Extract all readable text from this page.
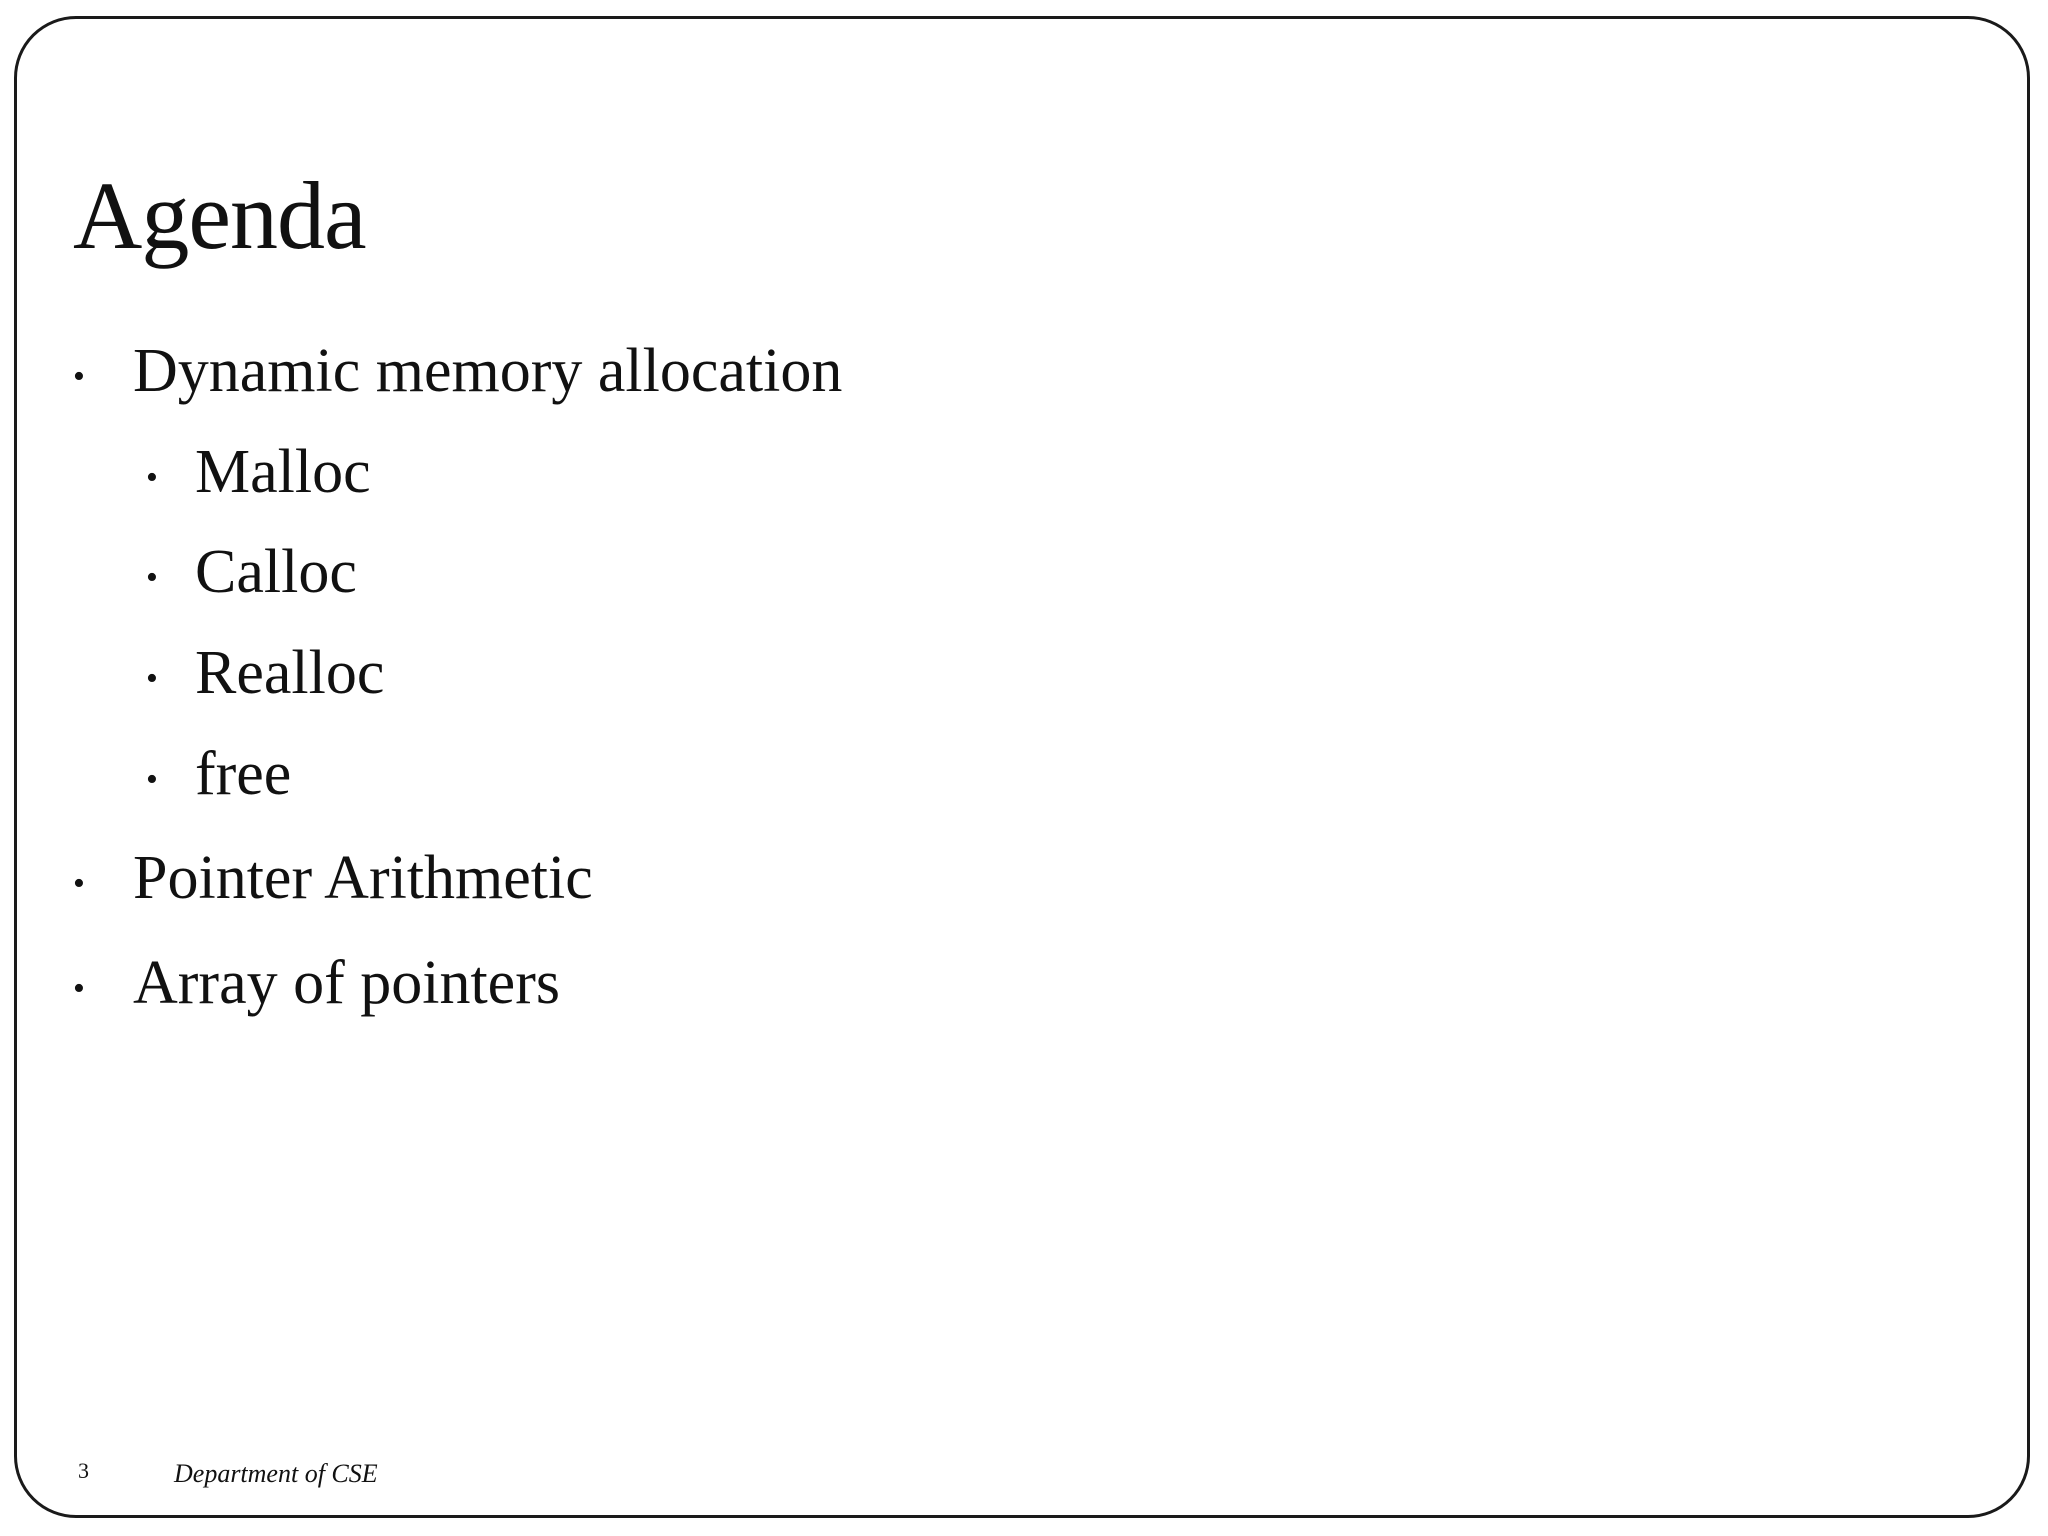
Agenda
• Dynamic memory allocation
• Malloc
• Calloc
• Realloc
• free
• Pointer Arithmetic
• Array of pointers
3	Department of CSE
